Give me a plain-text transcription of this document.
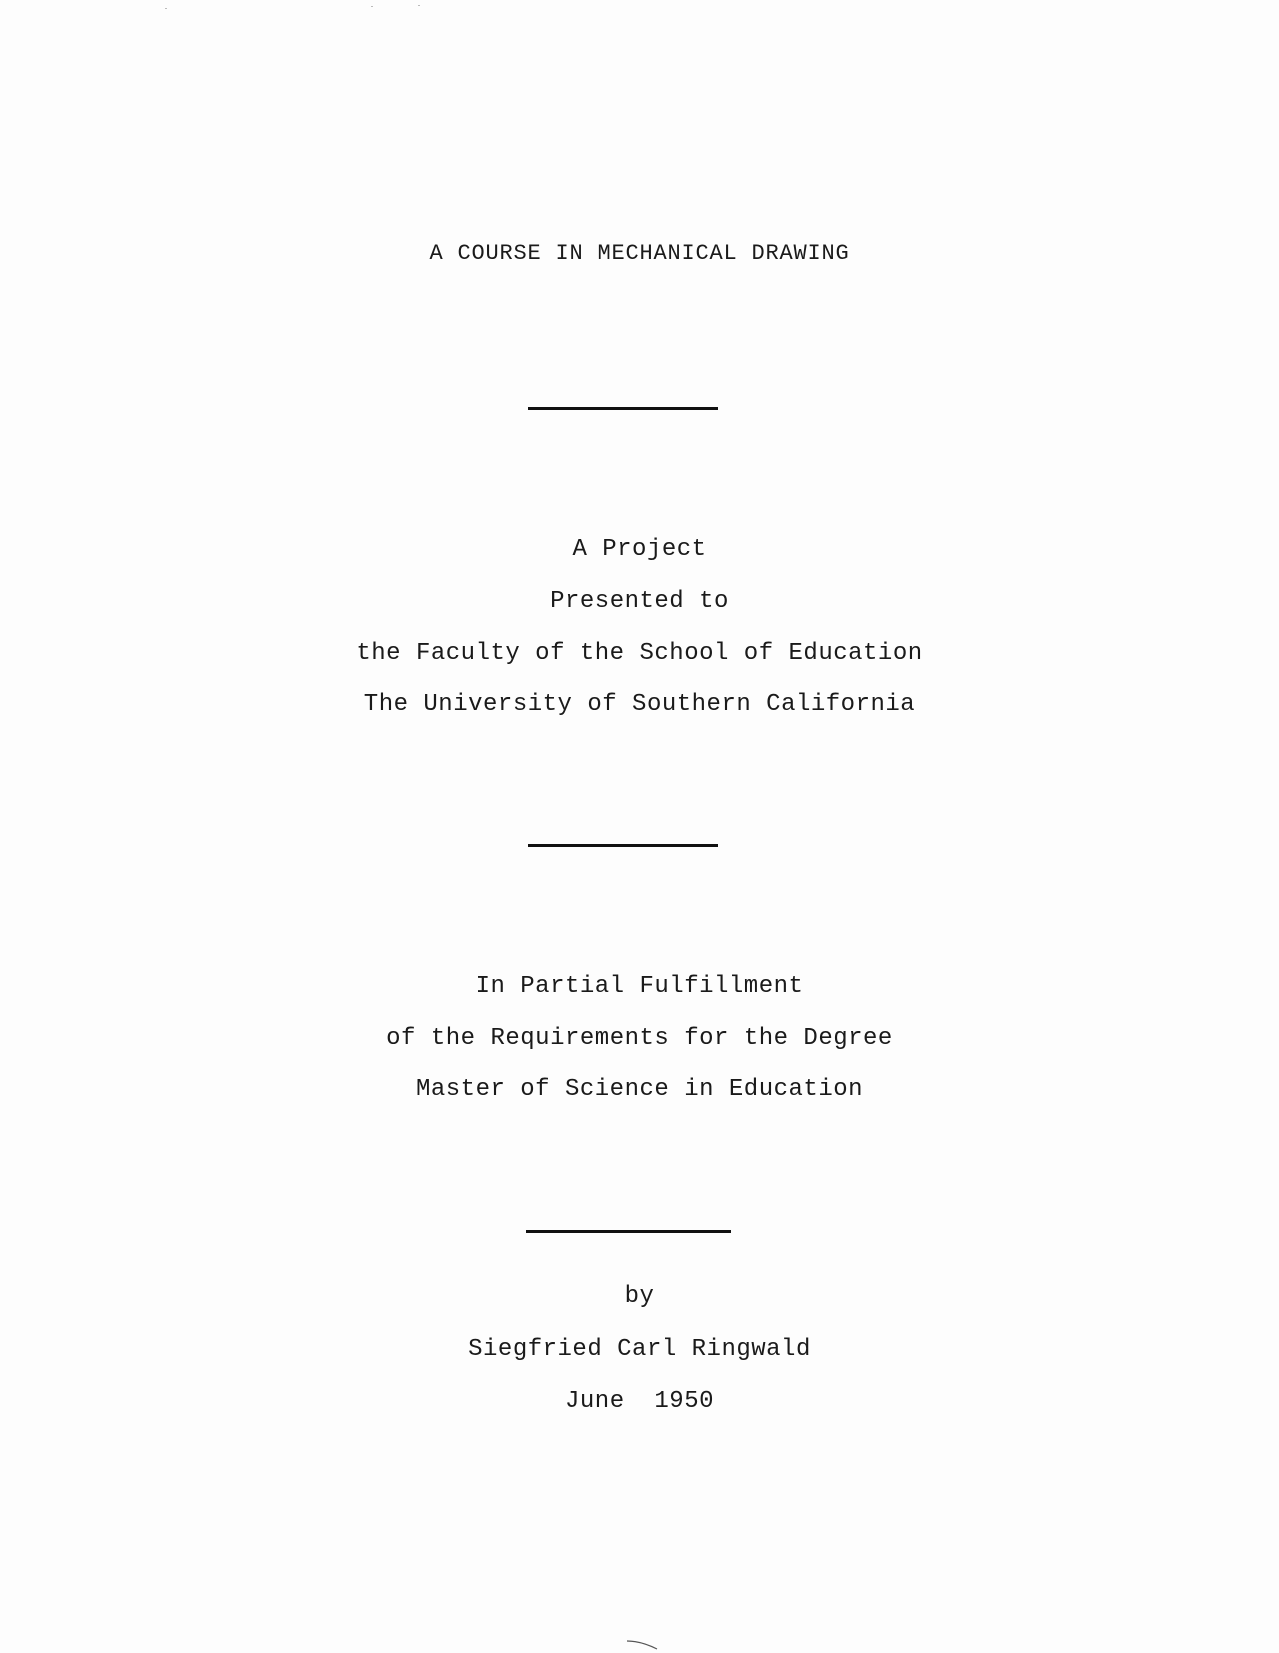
A COURSE IN MECHANICAL DRAWING
A Project
Presented to
the Faculty of the School of Education
The University of Southern California
In Partial Fulfillment
of the Requirements for the Degree
Master of Science in Education
by
Siegfried Carl Ringwald
June  1950
